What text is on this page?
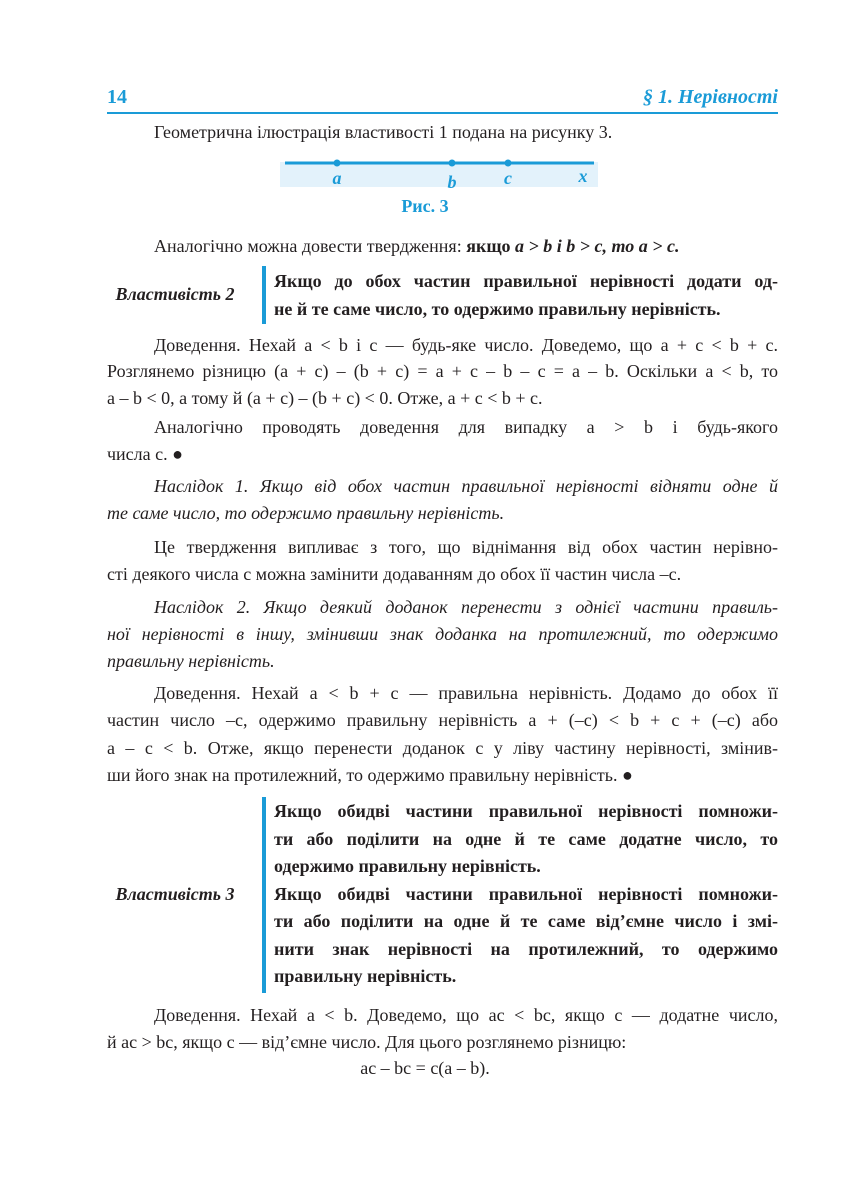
14	§ 1. Нерівності
Геометрична ілюстрація властивості 1 подана на рисунку 3.
a	b	c	x
Рис. 3
Аналогічно можна довести твердження: якщо a > b і b > c, то a > c.
Властивість 2
Якщо до обох частин правильної нерівності додати од-
не й те саме число, то одержимо правильну нерівність.
Доведення. Нехай a < b і c — будь-яке число. Доведемо, що a + c < b + c.
Розглянемо різницю (a + c) – (b + c) = a + c – b – c = a – b. Оскільки a < b, то
a – b < 0, а тому й (a + c) – (b + c) < 0. Отже, a + c < b + c.
Аналогічно проводять доведення для випадку a > b і будь-якого
числа c. ●
Наслідок 1. Якщо від обох частин правильної нерівності відняти одне й
те саме число, то одержимо правильну нерівність.
Це твердження випливає з того, що віднімання від обох частин нерівно-
сті деякого числа c можна замінити додаванням до обох її частин числа –c.
Наслідок 2. Якщо деякий доданок перенести з однієї частини правиль-
ної нерівності в іншу, змінивши знак доданка на протилежний, то одержимо
правильну нерівність.
Доведення. Нехай a < b + c — правильна нерівність. Додамо до обох її
частин число –c, одержимо правильну нерівність a + (–c) < b + c + (–c) або
a – c < b. Отже, якщо перенести доданок c у ліву частину нерівності, змінив-
ши його знак на протилежний, то одержимо правильну нерівність. ●
Властивість 3
Якщо обидві частини правильної нерівності помножи-
ти або поділити на одне й те саме додатне число, то
одержимо правильну нерівність.
Якщо обидві частини правильної нерівності помножи-
ти або поділити на одне й те саме від’ємне число і змі-
нити знак нерівності на протилежний, то одержимо
правильну нерівність.
Доведення. Нехай a < b. Доведемо, що ac < bc, якщо c — додатне число,
й ac > bc, якщо c — від’ємне число. Для цього розглянемо різницю:
ac – bc = c(a – b).
